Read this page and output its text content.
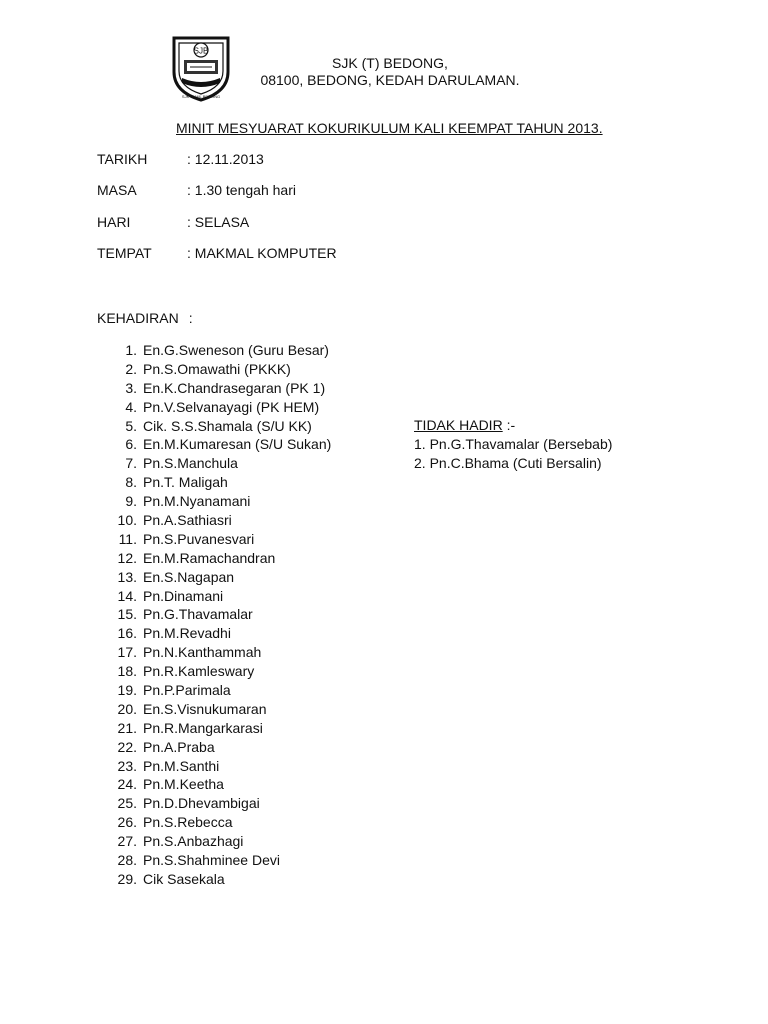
SJB
SJK TAMIL BEDONG
SJK (T) BEDONG,
08100, BEDONG, KEDAH DARULAMAN.
MINIT MESYUARAT KOKURIKULUM KALI KEEMPAT TAHUN 2013.
TARIKH	: 12.11.2013
MASA	: 1.30 tengah hari
HARI	: SELASA
TEMPAT	: MAKMAL KOMPUTER
KEHADIRAN :
1. En.G.Sweneson (Guru Besar)
2. Pn.S.Omawathi (PKKK)
3. En.K.Chandrasegaran (PK 1)
4. Pn.V.Selvanayagi (PK HEM)
5. Cik. S.S.Shamala (S/U KK)
6. En.M.Kumaresan (S/U Sukan)
7. Pn.S.Manchula
8. Pn.T. Maligah
9. Pn.M.Nyanamani
10. Pn.A.Sathiasri
11. Pn.S.Puvanesvari
12. En.M.Ramachandran
13. En.S.Nagapan
14. Pn.Dinamani
15. Pn.G.Thavamalar
16. Pn.M.Revadhi
17. Pn.N.Kanthammah
18. Pn.R.Kamleswary
19. Pn.P.Parimala
20. En.S.Visnukumaran
21. Pn.R.Mangarkarasi
22. Pn.A.Praba
23. Pn.M.Santhi
24. Pn.M.Keetha
25. Pn.D.Dhevambigai
26. Pn.S.Rebecca
27. Pn.S.Anbazhagi
28. Pn.S.Shahminee Devi
29. Cik Sasekala
TIDAK HADIR :-
1. Pn.G.Thavamalar (Bersebab)
2. Pn.C.Bhama (Cuti Bersalin)
